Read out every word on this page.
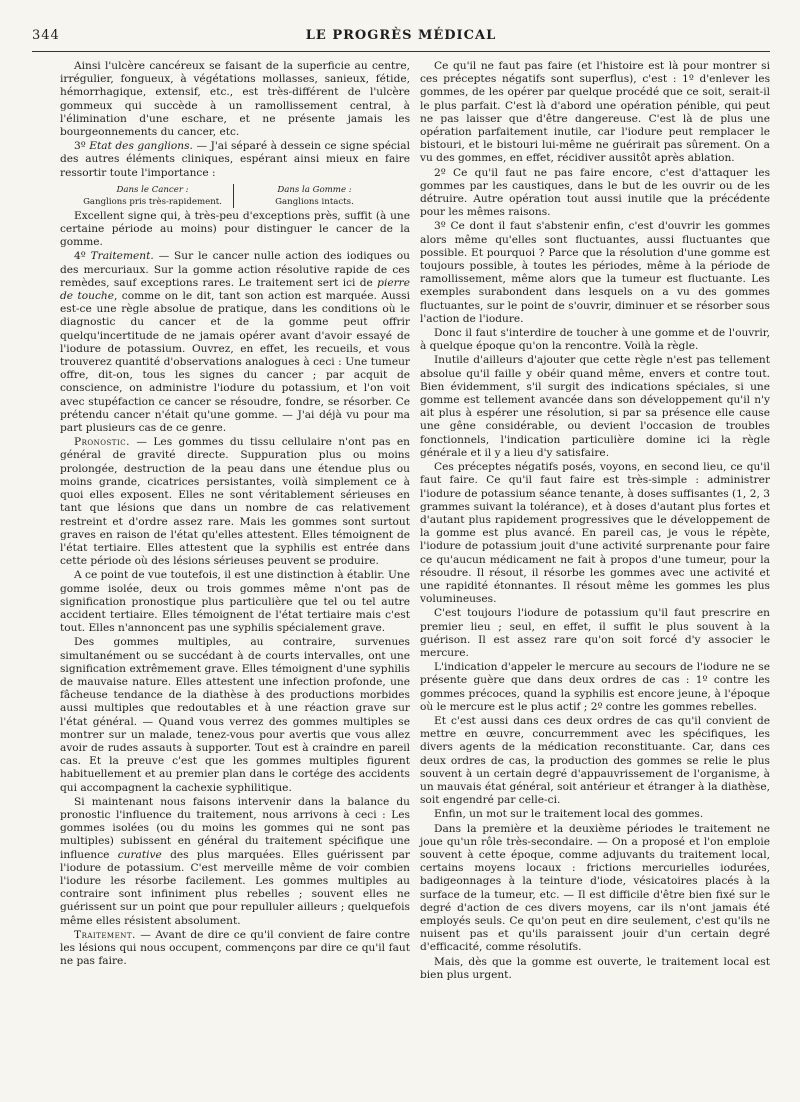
344	LE PROGRÈS MÉDICAL

Ainsi l'ulcère cancéreux se faisant de la superficie au centre, irrégulier, fongueux, à végétations mollasses, sanieux, fétide, hémorrhagique, extensif, etc., est très-différent de l'ulcère gommeux qui succède à un ramollissement central, à l'élimination d'une eschare, et ne présente jamais les bourgeonnements du cancer, etc.

3º Etat des ganglions. — J'ai séparé à dessein ce signe spécial des autres éléments cliniques, espérant ainsi mieux en faire ressortir toute l'importance :

Dans le Cancer :
Ganglions pris très-rapidement.
Dans la Gomme :
Ganglions intacts.

Excellent signe qui, à très-peu d'exceptions près, suffit (à une certaine période au moins) pour distinguer le cancer de la gomme.

4º Traitement. — Sur le cancer nulle action des iodiques ou des mercuriaux. Sur la gomme action résolutive rapide de ces remèdes, sauf exceptions rares. Le traitement sert ici de pierre de touche, comme on le dit, tant son action est marquée. Aussi est-ce une règle absolue de pratique, dans les conditions où le diagnostic du cancer et de la gomme peut offrir quelqu'incertitude de ne jamais opérer avant d'avoir essayé de l'iodure de potassium. Ouvrez, en effet, les recueils, et vous trouverez quantité d'observations analogues à ceci : Une tumeur offre, dit-on, tous les signes du cancer ; par acquit de conscience, on administre l'iodure du potassium, et l'on voit avec stupéfaction ce cancer se résoudre, fondre, se résorber. Ce prétendu cancer n'était qu'une gomme. — J'ai déjà vu pour ma part plusieurs cas de ce genre.

Pronostic. — Les gommes du tissu cellulaire n'ont pas en général de gravité directe. Suppuration plus ou moins prolongée, destruction de la peau dans une étendue plus ou moins grande, cicatrices persistantes, voilà simplement ce à quoi elles exposent. Elles ne sont véritablement sérieuses en tant que lésions que dans un nombre de cas relativement restreint et d'ordre assez rare. Mais les gommes sont surtout graves en raison de l'état qu'elles attestent. Elles témoignent de l'état tertiaire. Elles attestent que la syphilis est entrée dans cette période où des lésions sérieuses peuvent se produire.

A ce point de vue toutefois, il est une distinction à établir. Une gomme isolée, deux ou trois gommes même n'ont pas de signification pronostique plus particulière que tel ou tel autre accident tertiaire. Elles témoignent de l'état tertiaire mais c'est tout. Elles n'annoncent pas une syphilis spécialement grave.

Des gommes multiples, au contraire, survenues simultanément ou se succédant à de courts intervalles, ont une signification extrêmement grave. Elles témoignent d'une syphilis de mauvaise nature. Elles attestent une infection profonde, une fâcheuse tendance de la diathèse à des productions morbides aussi multiples que redoutables et à une réaction grave sur l'état général. — Quand vous verrez des gommes multiples se montrer sur un malade, tenez-vous pour avertis que vous allez avoir de rudes assauts à supporter. Tout est à craindre en pareil cas. Et la preuve c'est que les gommes multiples figurent habituellement et au premier plan dans le cortége des accidents qui accompagnent la cachexie syphilitique.

Si maintenant nous faisons intervenir dans la balance du pronostic l'influence du traitement, nous arrivons à ceci : Les gommes isolées (ou du moins les gommes qui ne sont pas multiples) subissent en général du traitement spécifique une influence curative des plus marquées. Elles guérissent par l'iodure de potassium. C'est merveille même de voir combien l'iodure les résorbe facilement. Les gommes multiples au contraire sont infiniment plus rebelles ; souvent elles ne guérissent sur un point que pour repulluler ailleurs ; quelquefois même elles résistent absolument.

Traitement. — Avant de dire ce qu'il convient de faire contre les lésions qui nous occupent, commençons par dire ce qu'il faut ne pas faire.

Ce qu'il ne faut pas faire (et l'histoire est là pour montrer si ces préceptes négatifs sont superflus), c'est : 1º d'enlever les gommes, de les opérer par quelque procédé que ce soit, serait-il le plus parfait. C'est là d'abord une opération pénible, qui peut ne pas laisser que d'être dangereuse. C'est là de plus une opération parfaitement inutile, car l'iodure peut remplacer le bistouri, et le bistouri lui-même ne guérirait pas sûrement. On a vu des gommes, en effet, récidiver aussitôt après ablation.

2º Ce qu'il faut ne pas faire encore, c'est d'attaquer les gommes par les caustiques, dans le but de les ouvrir ou de les détruire. Autre opération tout aussi inutile que la précédente pour les mêmes raisons.

3º Ce dont il faut s'abstenir enfin, c'est d'ouvrir les gommes alors même qu'elles sont fluctuantes, aussi fluctuantes que possible. Et pourquoi ? Parce que la résolution d'une gomme est toujours possible, à toutes les périodes, même à la période de ramollissement, même alors que la tumeur est fluctuante. Les exemples surabondent dans lesquels on a vu des gommes fluctuantes, sur le point de s'ouvrir, diminuer et se résorber sous l'action de l'iodure.

Donc il faut s'interdire de toucher à une gomme et de l'ouvrir, à quelque époque qu'on la rencontre. Voilà la règle.

Inutile d'ailleurs d'ajouter que cette règle n'est pas tellement absolue qu'il faille y obéir quand même, envers et contre tout. Bien évidemment, s'il surgit des indications spéciales, si une gomme est tellement avancée dans son développement qu'il n'y ait plus à espérer une résolution, si par sa présence elle cause une gêne considérable, ou devient l'occasion de troubles fonctionnels, l'indication particulière domine ici la règle générale et il y a lieu d'y satisfaire.

Ces préceptes négatifs posés, voyons, en second lieu, ce qu'il faut faire. Ce qu'il faut faire est très-simple : administrer l'iodure de potassium séance tenante, à doses suffisantes (1, 2, 3 grammes suivant la tolérance), et à doses d'autant plus fortes et d'autant plus rapidement progressives que le développement de la gomme est plus avancé. En pareil cas, je vous le répète, l'iodure de potassium jouit d'une activité surprenante pour faire ce qu'aucun médicament ne fait à propos d'une tumeur, pour la résoudre. Il résout, il résorbe les gommes avec une activité et une rapidité étonnantes. Il résout même les gommes les plus volumineuses.

C'est toujours l'iodure de potassium qu'il faut prescrire en premier lieu ; seul, en effet, il suffit le plus souvent à la guérison. Il est assez rare qu'on soit forcé d'y associer le mercure.

L'indication d'appeler le mercure au secours de l'iodure ne se présente guère que dans deux ordres de cas : 1º contre les gommes précoces, quand la syphilis est encore jeune, à l'époque où le mercure est le plus actif ; 2º contre les gommes rebelles.

Et c'est aussi dans ces deux ordres de cas qu'il convient de mettre en œuvre, concurremment avec les spécifiques, les divers agents de la médication reconstituante. Car, dans ces deux ordres de cas, la production des gommes se relie le plus souvent à un certain degré d'appauvrissement de l'organisme, à un mauvais état général, soit antérieur et étranger à la diathèse, soit engendré par celle-ci.

Enfin, un mot sur le traitement local des gommes.

Dans la première et la deuxième périodes le traitement ne joue qu'un rôle très-secondaire. — On a proposé et l'on emploie souvent à cette époque, comme adjuvants du traitement local, certains moyens locaux : frictions mercurielles iodurées, badigeonnages à la teinture d'iode, vésicatoires placés à la surface de la tumeur, etc. — Il est difficile d'être bien fixé sur le degré d'action de ces divers moyens, car ils n'ont jamais été employés seuls. Ce qu'on peut en dire seulement, c'est qu'ils ne nuisent pas et qu'ils paraissent jouir d'un certain degré d'efficacité, comme résolutifs.

Mais, dès que la gomme est ouverte, le traitement local est bien plus urgent.
